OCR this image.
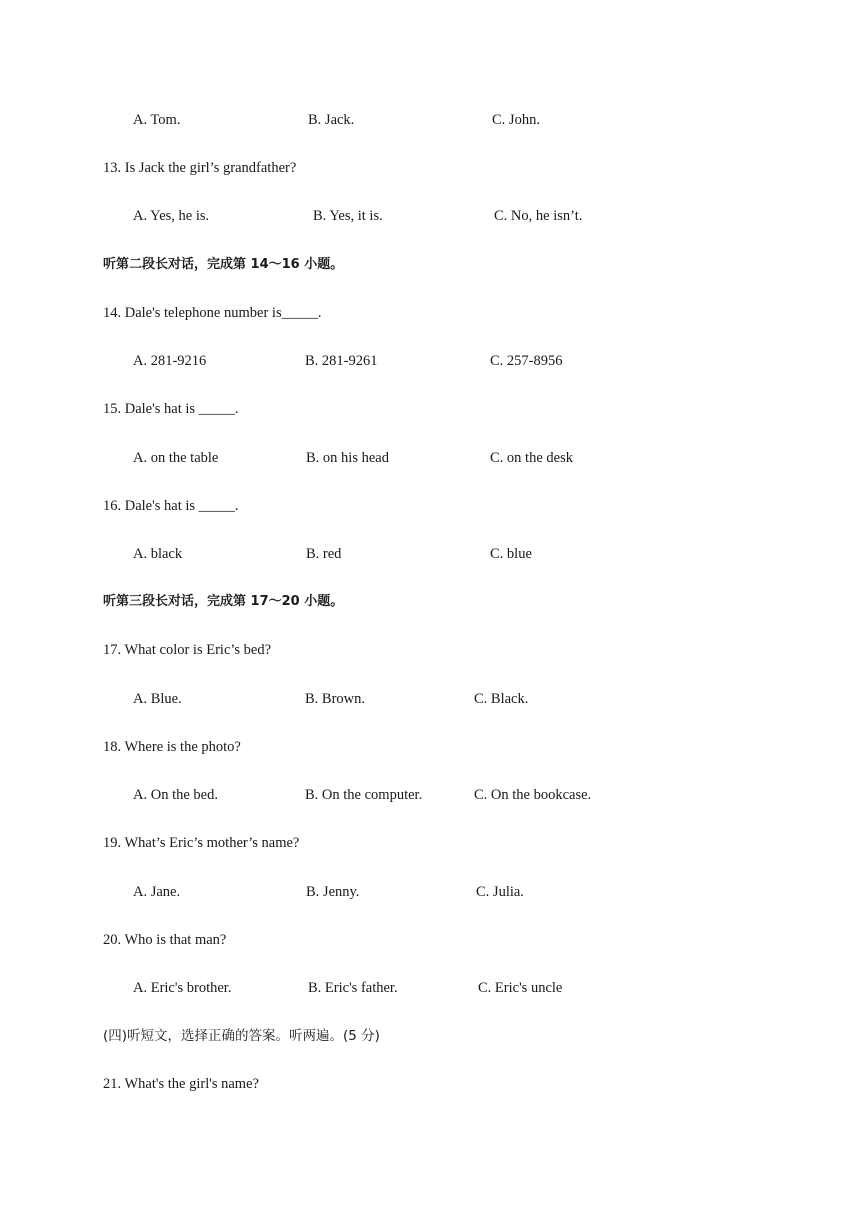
A. Tom.	B. Jack.	C. John.
13. Is Jack the girl’s grandfather?
A. Yes, he is.	B. Yes, it is.	C. No, he isn’t.
听第二段长对话，完成第 14～16 小题。
14. Dale's telephone number is_____.
A. 281-9216	B. 281-9261	C. 257-8956
15. Dale's hat is _____.
A. on the table	B. on his head	C. on the desk
16. Dale's hat is _____.
A. black	B. red	C. blue
听第三段长对话，完成第 17～20 小题。
17. What color is Eric’s bed?
A. Blue.	B. Brown.	C. Black.
18. Where is the photo?
A. On the bed.	B. On the computer.	C. On the bookcase.
19. What’s Eric’s mother’s name?
A. Jane.	B. Jenny.	C. Julia.
20. Who is that man?
A. Eric's brother.	B. Eric's father.	C. Eric's uncle
(四)听短文，选择正确的答案。听两遍。(5 分)
21. What's the girl's name?
